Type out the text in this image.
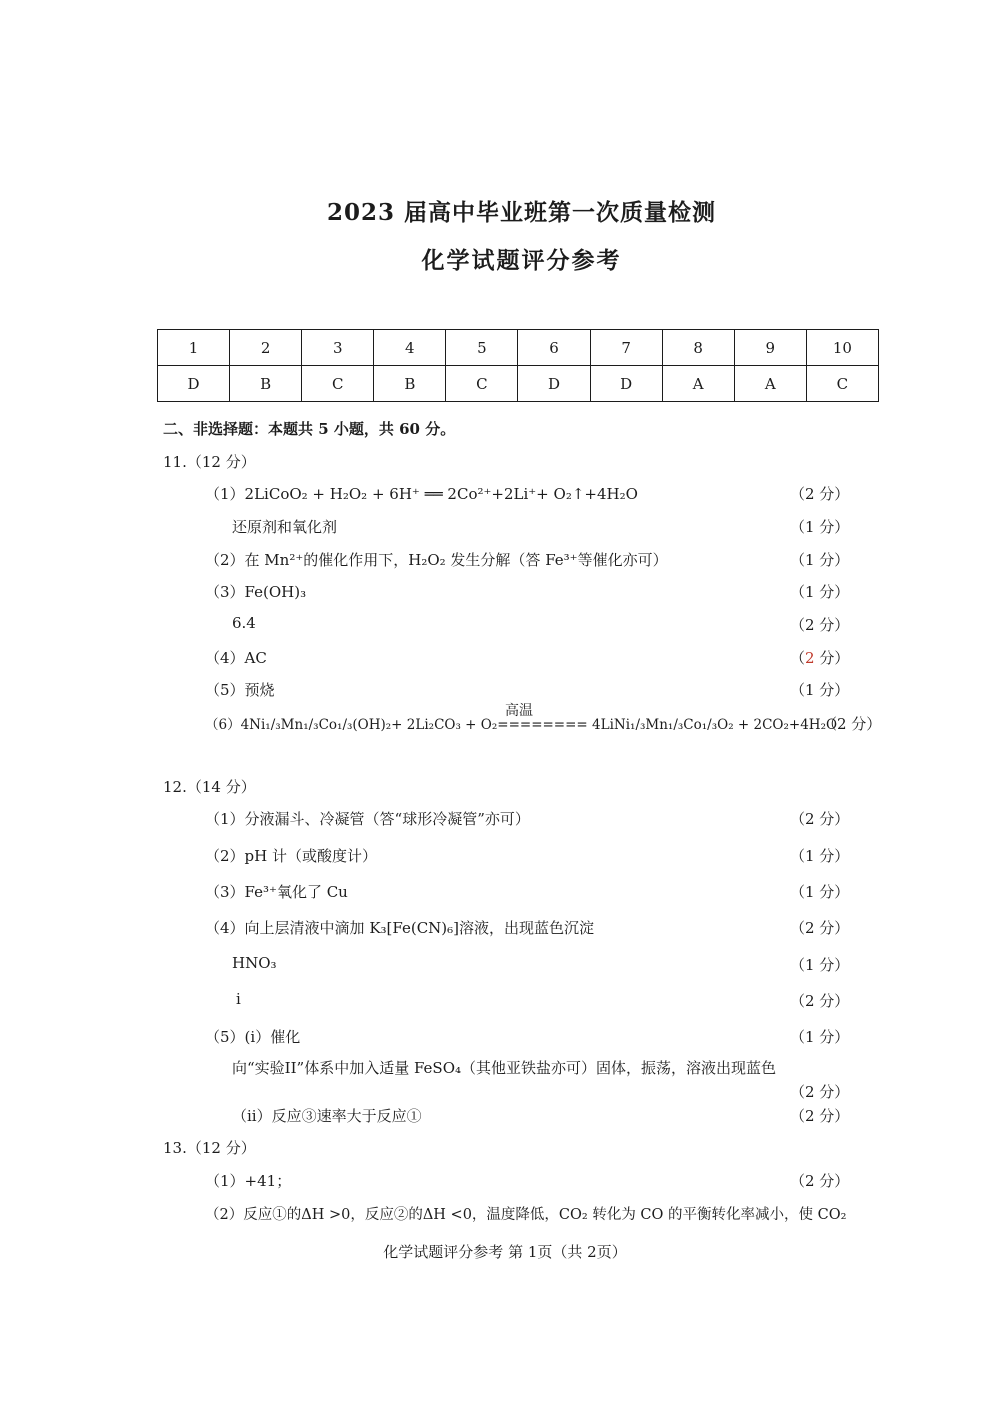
2023 届高中毕业班第一次质量检测
化学试题评分参考
1	2	3	4	5	6	7	8	9	10
D	B	C	B	C	D	D	A	A	C
二、非选择题：本题共 5 小题，共 60 分。
11.（12 分）
（1）2LiCoO₂ + H₂O₂ + 6H⁺ ══ 2Co²⁺+2Li⁺+ O₂↑+4H₂O	（2 分）
还原剂和氧化剂	（1 分）
（2）在 Mn²⁺的催化作用下，H₂O₂ 发生分解（答 Fe³⁺等催化亦可）	（1 分）
（3）Fe(OH)₃	（1 分）
6.4	（2 分）
（4）AC	（2 分）
（5）预烧	（1 分）
高温
（6）4Ni₁/₃Mn₁/₃Co₁/₃(OH)₂+ 2Li₂CO₃ + O₂======== 4LiNi₁/₃Mn₁/₃Co₁/₃O₂ + 2CO₂+4H₂O
（2 分）
12.（14 分）
（1）分液漏斗、冷凝管（答“球形冷凝管”亦可）	（2 分）
（2）pH 计（或酸度计）	（1 分）
（3）Fe³⁺氧化了 Cu	（1 分）
（4）向上层清液中滴加 K₃[Fe(CN)₆]溶液，出现蓝色沉淀	（2 分）
HNO₃	（1 分）
i	（2 分）
（5）(i）催化	（1 分）
向“实验II”体系中加入适量 FeSO₄（其他亚铁盐亦可）固体，振荡，溶液出现蓝色
（2 分）
（ii）反应③速率大于反应①	（2 分）
13.（12 分）
（1）+41；	（2 分）
（2）反应①的ΔH >0，反应②的ΔH <0，温度降低，CO₂ 转化为 CO 的平衡转化率减小，使 CO₂
化学试题评分参考 第 1页（共 2页）
